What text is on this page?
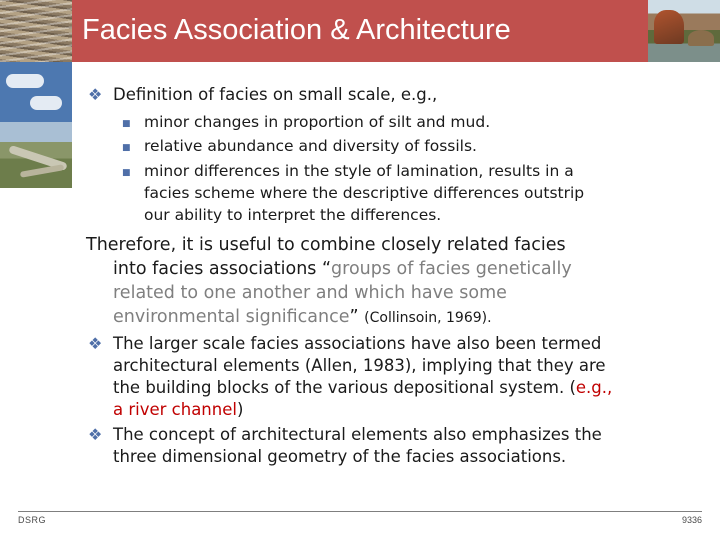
Facies Association & Architecture
❖ Definition of facies on small scale, e.g.,
■ minor changes in proportion of silt and mud.
■ relative abundance and diversity of fossils.
■ minor differences in the style of lamination, results in a
facies scheme where the descriptive differences outstrip
our ability to interpret the differences.
Therefore, it is useful to combine closely related facies
into facies associations “groups of facies genetically
related to one another and which have some
environmental significance” (Collinsoin, 1969).
❖ The larger scale facies associations have also been termed
architectural elements (Allen, 1983), implying that they are
the building blocks of the various depositional system. (e.g.,
a river channel)
❖ The concept of architectural elements also emphasizes the
three dimensional geometry of the facies associations.
DSRG	9336
